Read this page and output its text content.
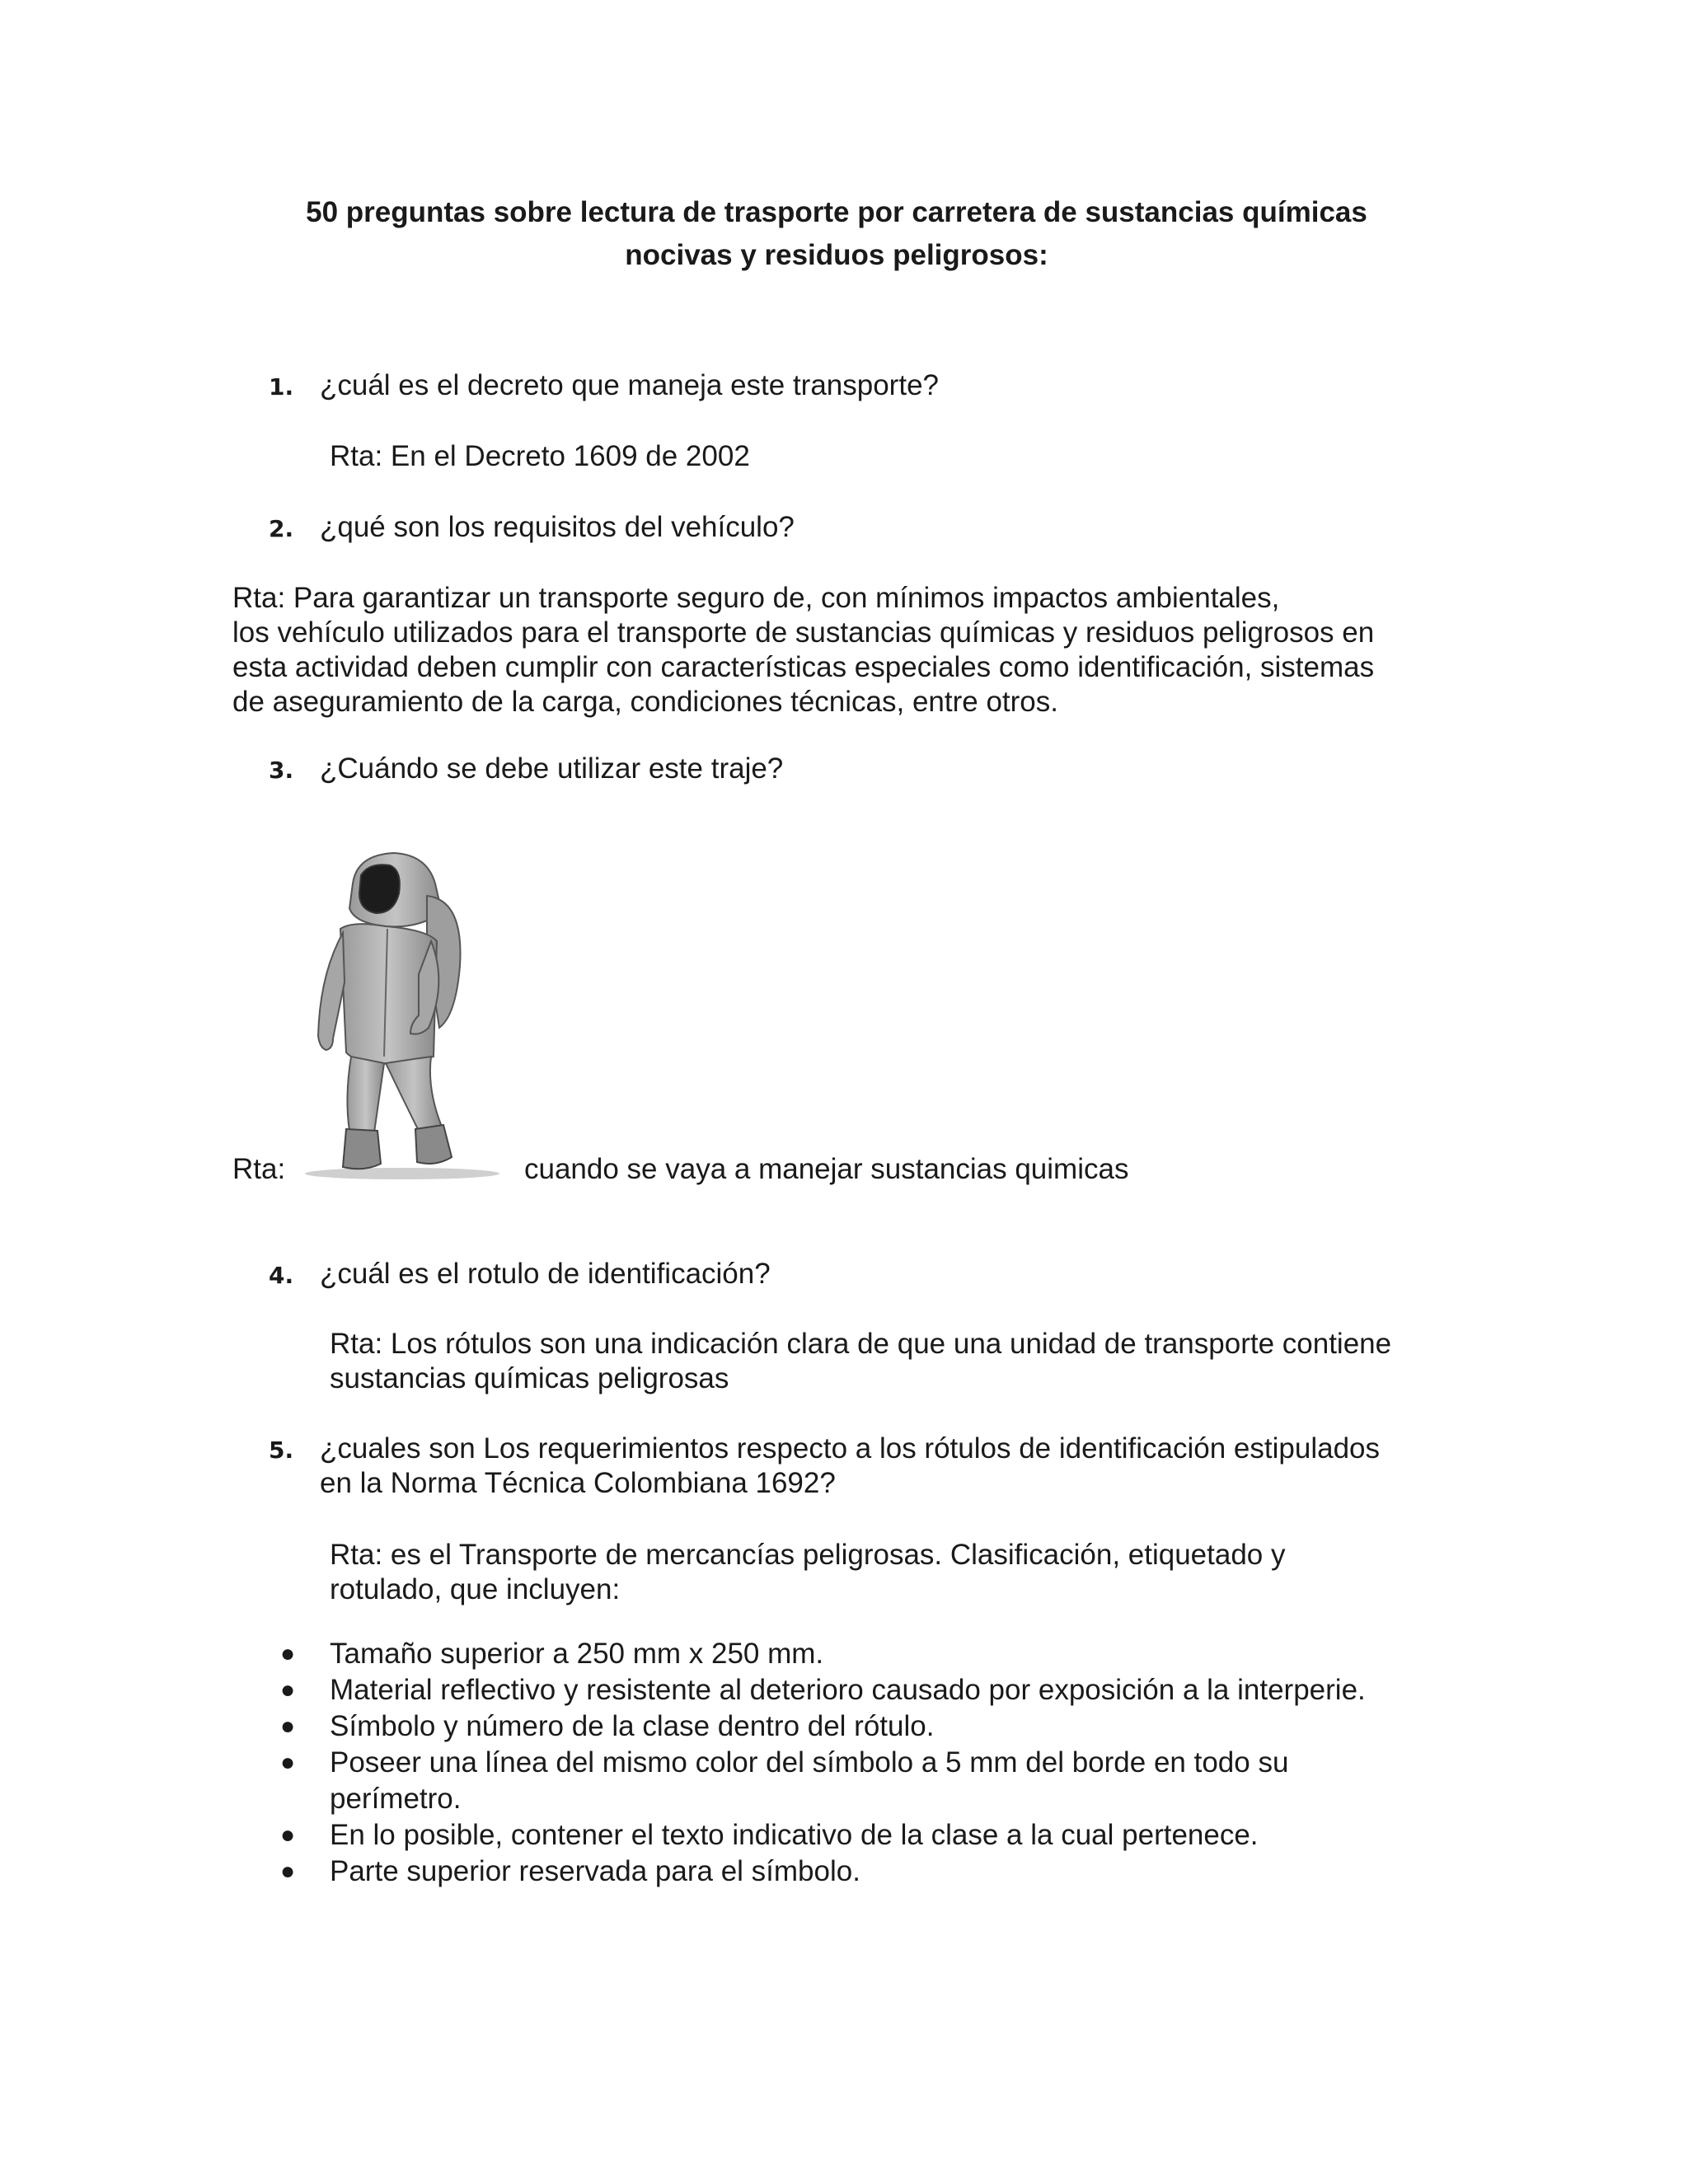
50 preguntas sobre lectura de trasporte por carretera de sustancias químicas
nocivas y residuos peligrosos:
1. ¿cuál es el decreto que maneja este transporte?
Rta: En el Decreto 1609 de 2002
2. ¿qué son los requisitos del vehículo?
Rta: Para garantizar un transporte seguro de, con mínimos impactos ambientales,
los vehículo utilizados para el transporte de sustancias químicas y residuos peligrosos en
esta actividad deben cumplir con características especiales como identificación, sistemas
de aseguramiento de la carga, condiciones técnicas, entre otros.
3. ¿Cuándo se debe utilizar este traje?
Rta:	cuando se vaya a manejar sustancias quimicas
4. ¿cuál es el rotulo de identificación?
Rta: Los rótulos son una indicación clara de que una unidad de transporte contiene
sustancias químicas peligrosas
5. ¿cuales son Los requerimientos respecto a los rótulos de identificación estipulados
en la Norma Técnica Colombiana 1692?
Rta: es el Transporte de mercancías peligrosas. Clasificación, etiquetado y
rotulado, que incluyen:
● Tamaño superior a 250 mm x 250 mm.
● Material reflectivo y resistente al deterioro causado por exposición a la interperie.
● Símbolo y número de la clase dentro del rótulo.
● Poseer una línea del mismo color del símbolo a 5 mm del borde en todo su perímetro.
● En lo posible, contener el texto indicativo de la clase a la cual pertenece.
● Parte superior reservada para el símbolo.
